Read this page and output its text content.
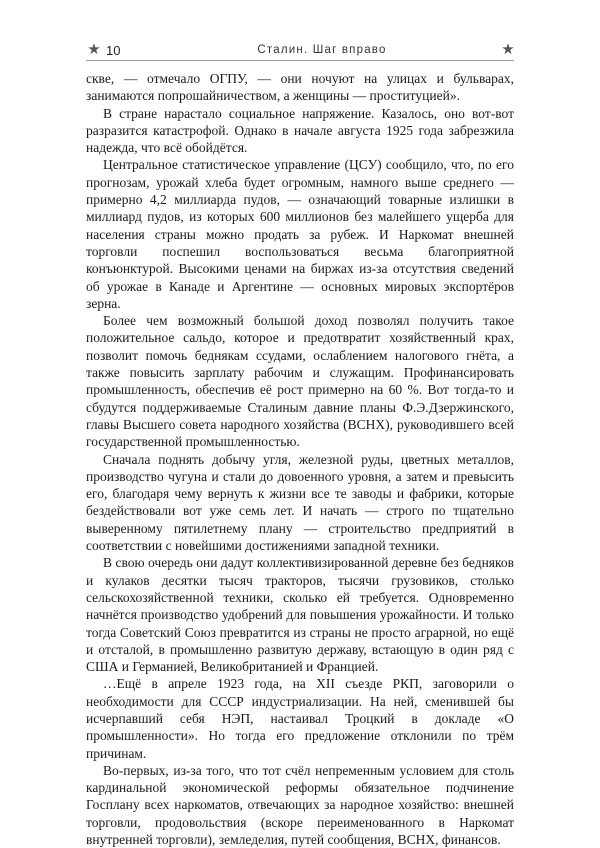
★ 10	Сталин. Шаг вправо	★

скве, — отмечало ОГПУ, — они ночуют на улицах и бульварах, занимаются попрошайничеством, а женщины — проституцией».

В стране нарастало социальное напряжение. Казалось, оно вот-вот разразится катастрофой. Однако в начале августа 1925 года забрезжила надежда, что всё обойдётся.

Центральное статистическое управление (ЦСУ) сообщило, что, по его прогнозам, урожай хлеба будет огромным, намного выше среднего — примерно 4,2 миллиарда пудов, — означающий товарные излишки в миллиард пудов, из которых 600 миллионов без малейшего ущерба для населения страны можно продать за рубеж. И Наркомат внешней торговли поспешил воспользоваться весьма благоприятной конъюнктурой. Высокими ценами на биржах из-за отсутствия сведений об урожае в Канаде и Аргентине — основных мировых экспортёров зерна.

Более чем возможный большой доход позволял получить такое положительное сальдо, которое и предотвратит хозяйственный крах, позволит помочь беднякам ссудами, ослаблением налогового гнёта, а также повысить зарплату рабочим и служащим. Профинансировать промышленность, обеспечив её рост примерно на 60 %. Вот тогда-то и сбудутся поддерживаемые Сталиным давние планы Ф.Э.Дзержинского, главы Высшего совета народного хозяйства (ВСНХ), руководившего всей государственной промышленностью.

Сначала поднять добычу угля, железной руды, цветных металлов, производство чугуна и стали до довоенного уровня, а затем и превысить его, благодаря чему вернуть к жизни все те заводы и фабрики, которые бездействовали вот уже семь лет. И начать — строго по тщательно выверенному пятилетнему плану — строительство предприятий в соответствии с новейшими достижениями западной техники.

В свою очередь они дадут коллективизированной деревне без бедняков и кулаков десятки тысяч тракторов, тысячи грузовиков, столько сельскохозяйственной техники, сколько ей требуется. Одновременно начнётся производство удобрений для повышения урожайности. И только тогда Советский Союз превратится из страны не просто аграрной, но ещё и отсталой, в промышленно развитую державу, встающую в один ряд с США и Германией, Великобританией и Францией.

…Ещё в апреле 1923 года, на XII съезде РКП, заговорили о необходимости для СССР индустриализации. На ней, сменившей бы исчерпавший себя НЭП, настаивал Троцкий в докладе «О промышленности». Но тогда его предложение отклонили по трём причинам.

Во-первых, из-за того, что тот счёл непременным условием для столь кардинальной экономической реформы обязательное подчинение Госплану всех наркоматов, отвечающих за народное хозяйство: внешней торговли, продовольствия (вскоре переименованного в Наркомат внутренней торговли), земледелия, путей сообщения, ВСНХ, финансов.
